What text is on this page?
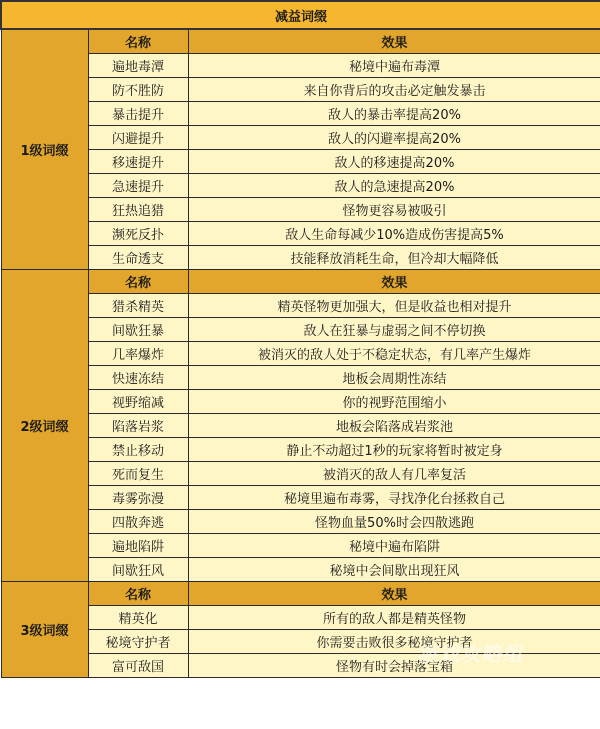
减益词缀		
1级词缀	名称	效果
	遍地毒潭	秘境中遍布毒潭
	防不胜防	来自你背后的攻击必定触发暴击
	暴击提升	敌人的暴击率提高20%
	闪避提升	敌人的闪避率提高20%
	移速提升	敌人的移速提高20%
	急速提升	敌人的急速提高20%
	狂热追猎	怪物更容易被吸引
	濒死反扑	敌人生命每减少10%造成伤害提高5%
	生命透支	技能释放消耗生命，但冷却大幅降低
2级词缀	名称	效果
	猎杀精英	精英怪物更加强大，但是收益也相对提升
	间歇狂暴	敌人在狂暴与虚弱之间不停切换
	几率爆炸	被消灭的敌人处于不稳定状态，有几率产生爆炸
	快速冻结	地板会周期性冻结
	视野缩减	你的视野范围缩小
	陷落岩浆	地板会陷落成岩浆池
	禁止移动	静止不动超过1秒的玩家将暂时被定身
	死而复生	被消灭的敌人有几率复活
	毒雾弥漫	秘境里遍布毒雾，寻找净化台拯救自己
	四散奔逃	怪物血量50%时会四散逃跑
	遍地陷阱	秘境中遍布陷阱
	间歇狂风	秘境中会间歇出现狂风
3级词缀	名称	效果
	精英化	所有的敌人都是精英怪物
	秘境守护者	你需要击败很多秘境守护者
	富可敌国	怪物有时会掉落宝箱
游戏攻略组
